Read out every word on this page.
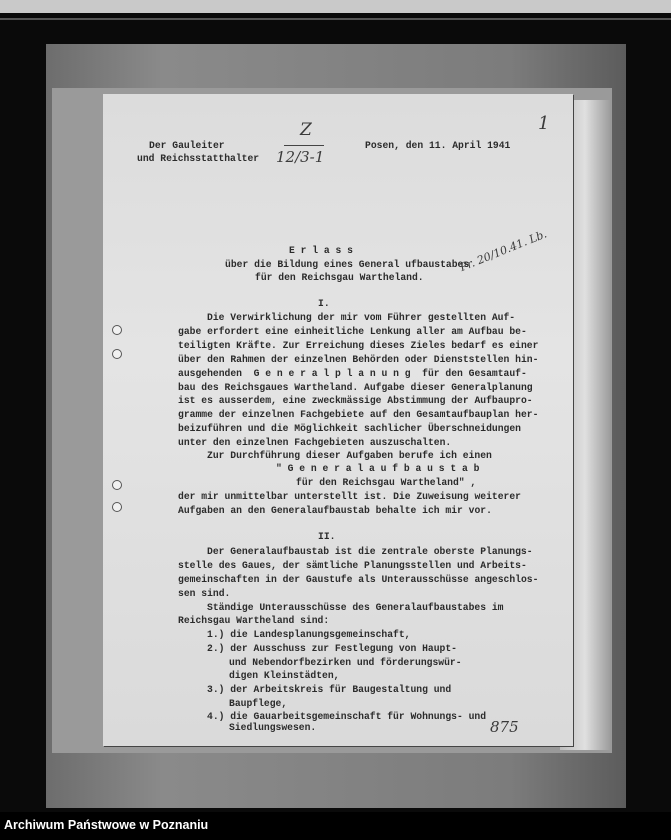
Der Gauleiter
und Reichsstatthalter
Posen, den 11. April 1941
Z
12/3-1
1
E r l a s s
über die Bildung eines General ufbaustabes
für den Reichsgau Wartheland.
Pr. 20/10.41. Lb.
I.
Die Verwirklichung der mir vom Führer gestellten Auf-
gabe erfordert eine einheitliche Lenkung aller am Aufbau be-
teiligten Kräfte. Zur Erreichung dieses Zieles bedarf es einer
über den Rahmen der einzelnen Behörden oder Dienststellen hin-
ausgehenden  G e n e r a l p l a n u n g  für den Gesamtauf-
bau des Reichsgaues Wartheland. Aufgabe dieser Generalplanung
ist es ausserdem, eine zweckmässige Abstimmung der Aufbaupro-
gramme der einzelnen Fachgebiete auf den Gesamtaufbauplan her-
beizuführen und die Möglichkeit sachlicher Überschneidungen
unter den einzelnen Fachgebieten auszuschalten.
Zur Durchführung dieser Aufgaben berufe ich einen
" G e n e r a l a u f b a u s t a b
für den Reichsgau Wartheland" ,
der mir unmittelbar unterstellt ist. Die Zuweisung weiterer
Aufgaben an den Generalaufbaustab behalte ich mir vor.
II.
Der Generalaufbaustab ist die zentrale oberste Planungs-
stelle des Gaues, der sämtliche Planungsstellen und Arbeits-
gemeinschaften in der Gaustufe als Unterausschüsse angeschlos-
sen sind.
Ständige Unterausschüsse des Generalaufbaustabes im
Reichsgau Wartheland sind:
1.) die Landesplanungsgemeinschaft,
2.) der Ausschuss zur Festlegung von Haupt-
und Nebendorfbezirken und förderungswür-
digen Kleinstädten,
3.) der Arbeitskreis für Baugestaltung und
Baupflege,
4.) die Gauarbeitsgemeinschaft für Wohnungs- und
Siedlungswesen.	875
Archiwum Państwowe w Poznaniu
